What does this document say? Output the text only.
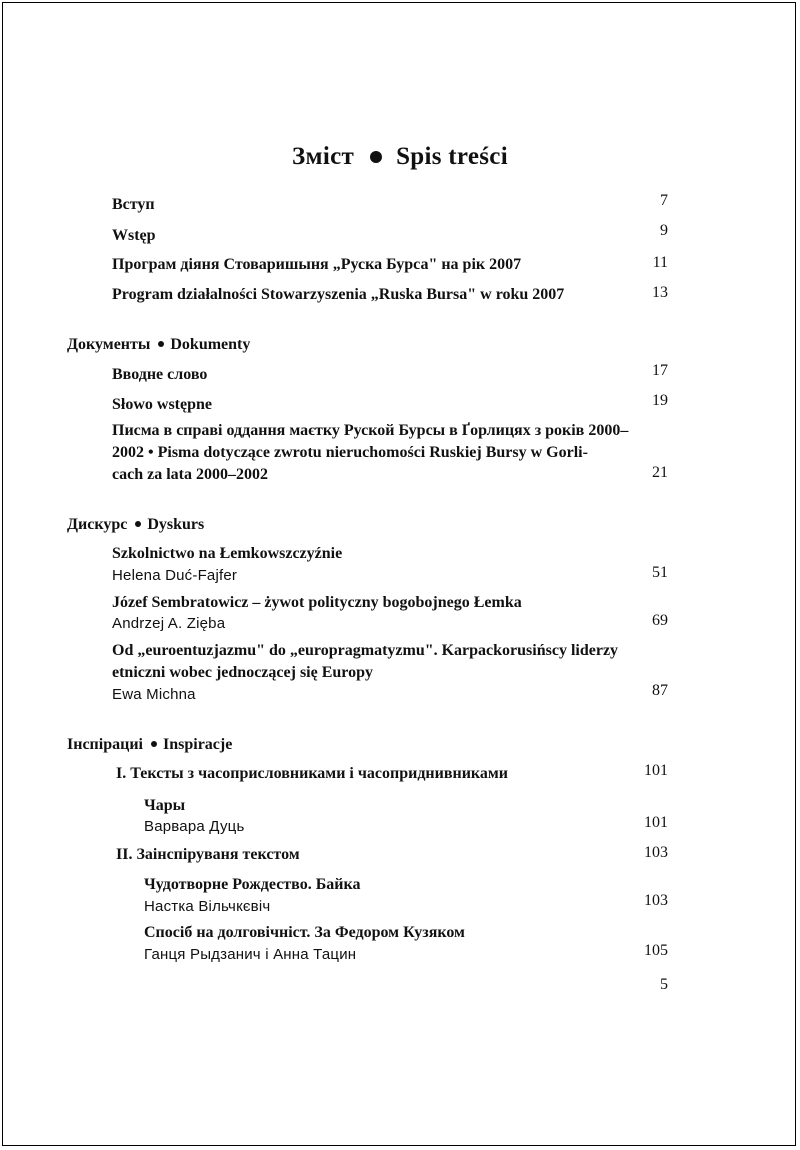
Зміст Spis treści
Вступ	7
Wstęp	9
Програм діяня Стоваришыня „Руска Бурса" на рік 2007	11
Program działalności Stowarzyszenia „Ruska Bursa" w roku 2007	13
Документы Dokumenty
Вводне слово	17
Słowo wstępne	19
Писма в справі оддання маєтку Руской Бурсы в Ґорлицях з років 2000–
2002 • Pisma dotyczące zwrotu nieruchomości Ruskiej Bursy w Gorli-
cach za lata 2000–2002	21
Дискурс Dyskurs
Szkolnictwo na Łemkowszczyźnie
Helena Duć-Fajfer	51
Józef Sembratowicz – żywot polityczny bogobojnego Łemka
Andrzej A. Zięba	69
Od „euroentuzjazmu" do „europragmatyzmu". Karpackorusińscy liderzy
etniczni wobec jednoczącej się Europy
Ewa Michna	87
Інспірациі Inspiracje
I. Тексты з часоприсловниками і часоприднивниками	101
Чары
Варвара Дуць	101
II. Заінспіруваня текстом	103
Чудотворне Рождество. Байка
Настка Вільчкєвіч	103
Спосіб на долговічніст. За Федором Кузяком
Ганця Рыдзанич і Анна Тацин	105
5
